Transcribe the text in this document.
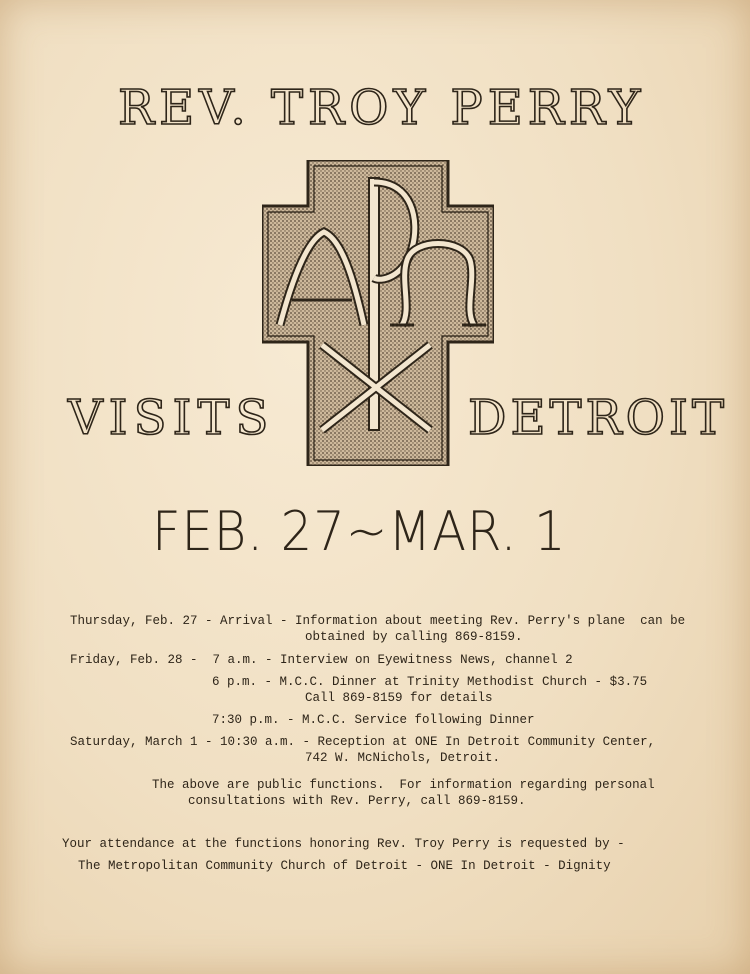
REV. TROY PERRY
VISITS	DETROIT
FEB. 27~MAR. 1

Thursday, Feb. 27 - Arrival - Information about meeting Rev. Perry's plane  can be

obtained by calling 869-8159.

Friday, Feb. 28 -  7 a.m. - Interview on Eyewitness News, channel 2

6 p.m. - M.C.C. Dinner at Trinity Methodist Church - $3.75

Call 869-8159 for details

7:30 p.m. - M.C.C. Service following Dinner

Saturday, March 1 - 10:30 a.m. - Reception at ONE In Detroit Community Center,

742 W. McNichols, Detroit.

The above are public functions.  For information regarding personal

consultations with Rev. Perry, call 869-8159.

Your attendance at the functions honoring Rev. Troy Perry is requested by -

The Metropolitan Community Church of Detroit - ONE In Detroit - Dignity
